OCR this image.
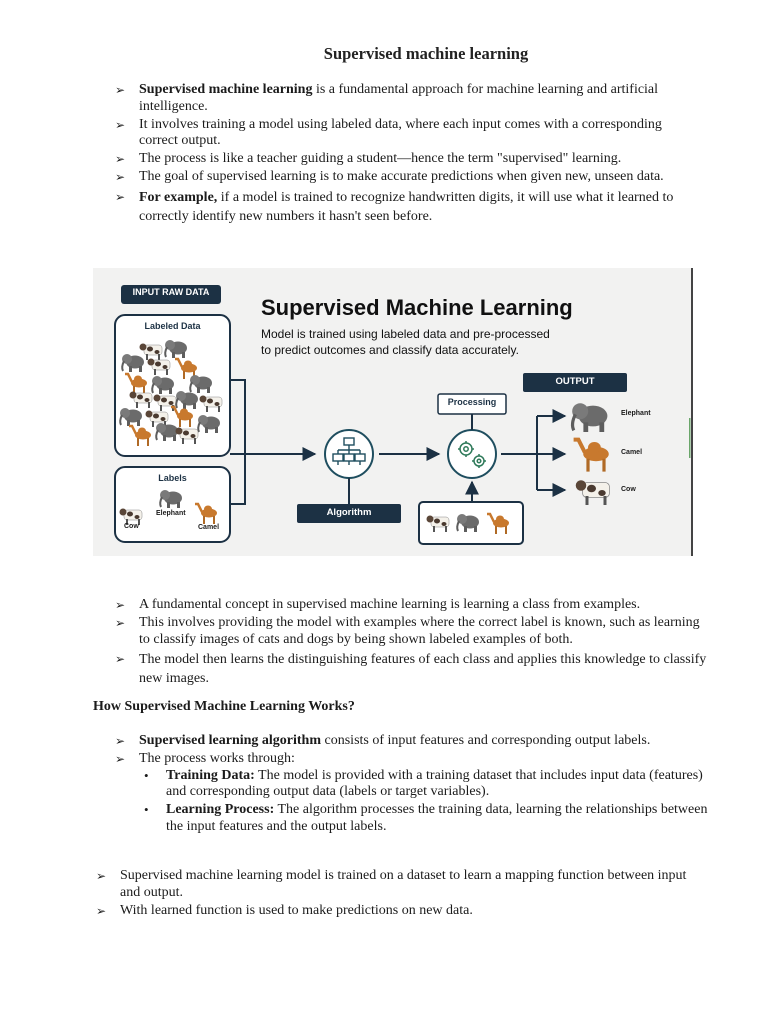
Supervised machine learning
➢ Supervised machine learning is a fundamental approach for machine learning and artificial intelligence.
➢ It involves training a model using labeled data, where each input comes with a corresponding correct output.
➢ The process is like a teacher guiding a student—hence the term "supervised" learning.
➢ The goal of supervised learning is to make accurate predictions when given new, unseen data.
➢ For example, if a model is trained to recognize handwritten digits, it will use what it learned to correctly identify new numbers it hasn't seen before.
INPUT RAW DATA
Supervised Machine Learning
Model is trained using labeled data and pre-processed
to predict outcomes and classify data accurately.
Labeled Data
Labels
Cow
Elephant
Camel
Algorithm
Processing
OUTPUT
Elephant
Camel
Cow
➢ A fundamental concept in supervised machine learning is learning a class from examples.
➢ This involves providing the model with examples where the correct label is known, such as learning to classify images of cats and dogs by being shown labeled examples of both.
➢ The model then learns the distinguishing features of each class and applies this knowledge to classify new images.
How Supervised Machine Learning Works?
➢ Supervised learning algorithm consists of input features and corresponding output labels.
➢ The process works through:
• Training Data: The model is provided with a training dataset that includes input data (features) and corresponding output data (labels or target variables).
• Learning Process: The algorithm processes the training data, learning the relationships between the input features and the output labels.
➢ Supervised machine learning model is trained on a dataset to learn a mapping function between input and output.
➢ With learned function is used to make predictions on new data.
